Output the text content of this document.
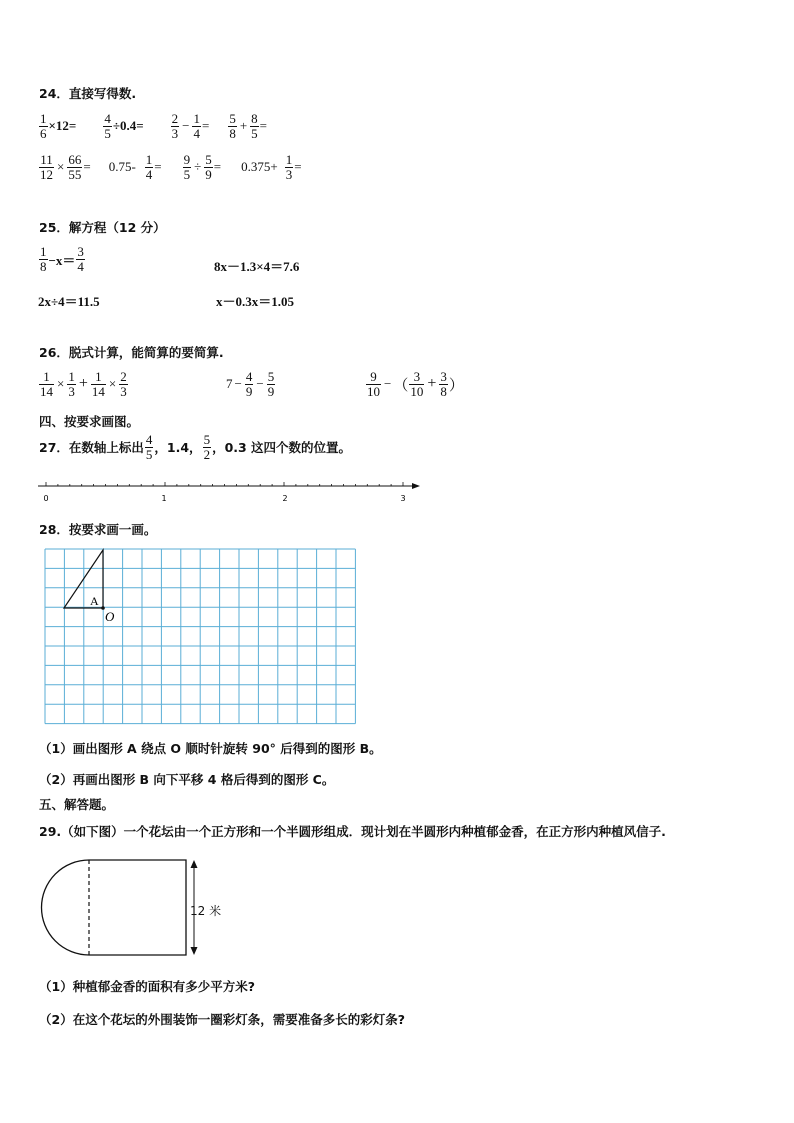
24．直接写得数.
$\frac{1}{6} \times 12= \frac{4}{5} \div 0.4= \frac{2}{3} - \frac{1}{4} = \frac{5}{8} + \frac{8}{5}$ =
$\frac{11}{12} \times \frac{66}{55} = 0.75- \frac{1}{4} = \frac{9}{5} \div \frac{5}{9} = 0.375+ \frac{1}{3}$ =
25．解方程（12 分）
$\frac{1}{8} -x= \frac{3}{4}$	8x－1.3×4＝7.6
2x÷4＝11.5	x－0.3x＝1.05
26．脱式计算，能简算的要简算.
$\frac{1}{14} \times \frac{1}{3} + \frac{1}{14} \times \frac{2}{3}$	$7 - \frac{4}{9} - \frac{5}{9}$	$\frac{9}{10}$ − （ $\frac{3}{10} + \frac{3}{8}$ ）
四、按要求画图。
27．在数轴上标出 $\frac{4}{5}$ ，1.4， $\frac{5}{2}$ ，0.3 这四个数的位置。
0	1	2	3
28．按要求画一画。
A
O
（1）画出图形 A 绕点 O 顺时针旋转 90° 后得到的图形 B。
（2）再画出图形 B 向下平移 4 格后得到的图形 C。
五、解答题。
29.（如下图）一个花坛由一个正方形和一个半圆形组成．现计划在半圆形内种植郁金香，在正方形内种植风信子.
12 米
（1）种植郁金香的面积有多少平方米?
（2）在这个花坛的外围装饰一圈彩灯条，需要准备多长的彩灯条?
